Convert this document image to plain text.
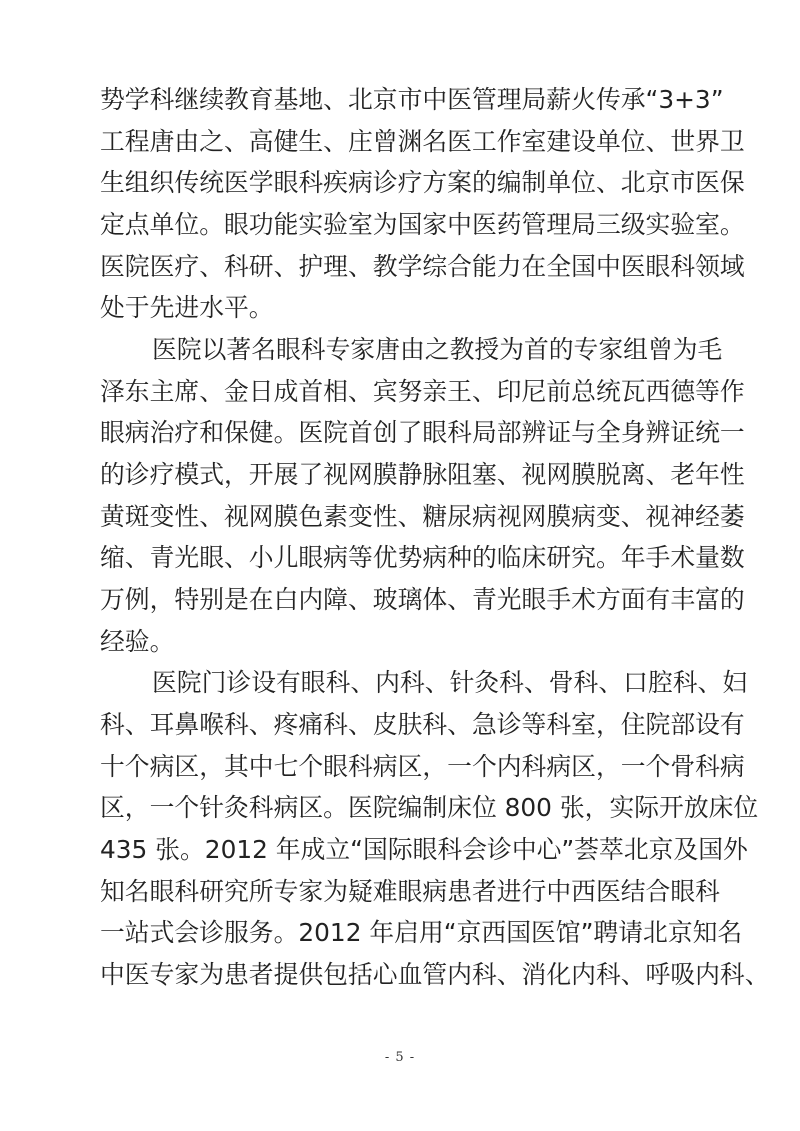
势学科继续教育基地、北京市中医管理局薪火传承“3+3”
工程唐由之、高健生、庄曾渊名医工作室建设单位、世界卫
生组织传统医学眼科疾病诊疗方案的编制单位、北京市医保
定点单位。眼功能实验室为国家中医药管理局三级实验室。
医院医疗、科研、护理、教学综合能力在全国中医眼科领域
处于先进水平。
医院以著名眼科专家唐由之教授为首的专家组曾为毛
泽东主席、金日成首相、宾努亲王、印尼前总统瓦西德等作
眼病治疗和保健。医院首创了眼科局部辨证与全身辨证统一
的诊疗模式，开展了视网膜静脉阻塞、视网膜脱离、老年性
黄斑变性、视网膜色素变性、糖尿病视网膜病变、视神经萎
缩、青光眼、小儿眼病等优势病种的临床研究。年手术量数
万例，特别是在白内障、玻璃体、青光眼手术方面有丰富的
经验。
医院门诊设有眼科、内科、针灸科、骨科、口腔科、妇
科、耳鼻喉科、疼痛科、皮肤科、急诊等科室，住院部设有
十个病区，其中七个眼科病区，一个内科病区，一个骨科病
区，一个针灸科病区。医院编制床位 800 张，实际开放床位
435 张。2012 年成立“国际眼科会诊中心”荟萃北京及国外
知名眼科研究所专家为疑难眼病患者进行中西医结合眼科
一站式会诊服务。2012 年启用“京西国医馆”聘请北京知名
中医专家为患者提供包括心血管内科、消化内科、呼吸内科、
- 5 -
